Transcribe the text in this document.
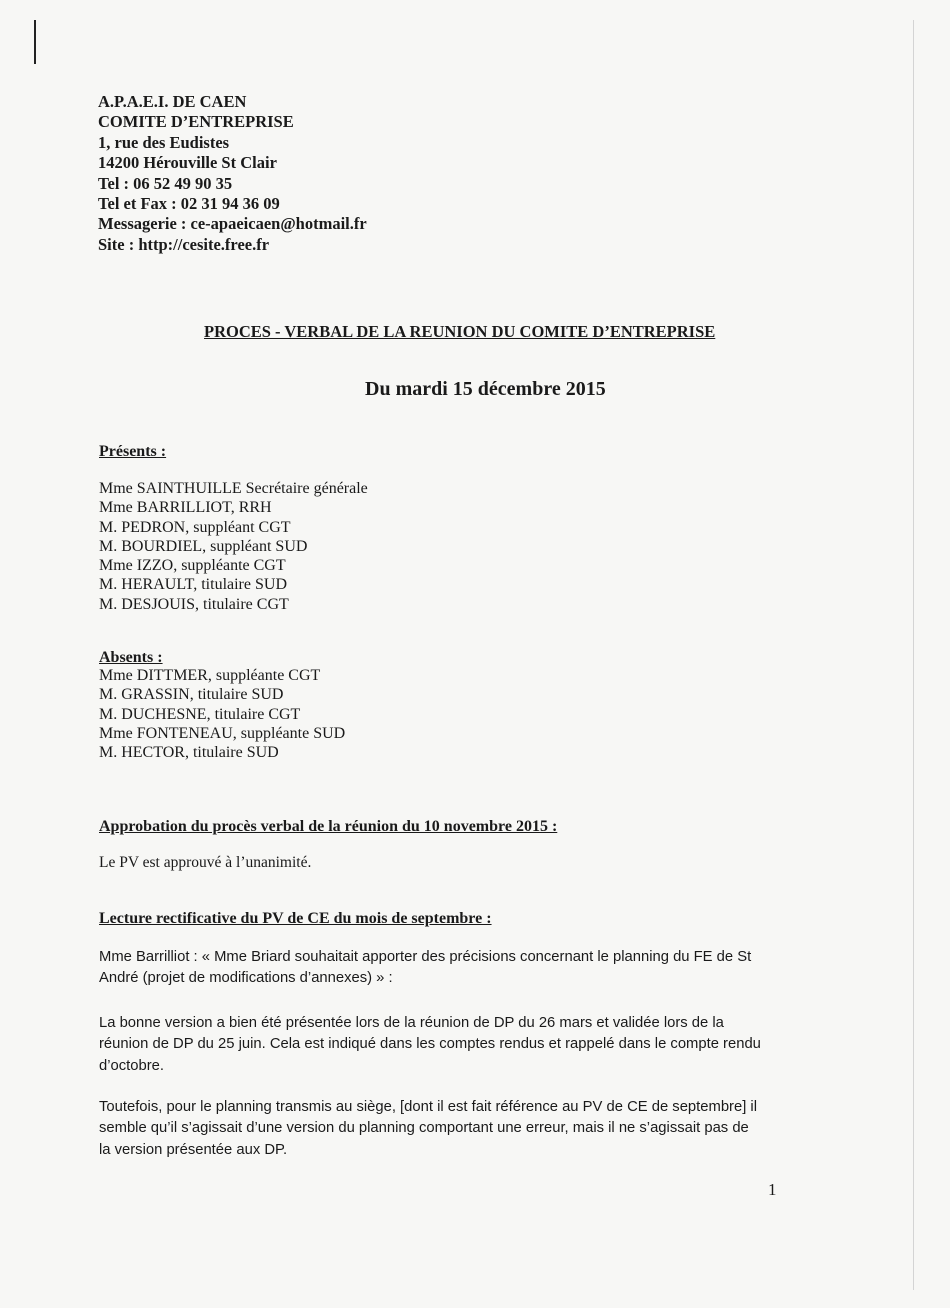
A.P.A.E.I. DE CAEN
COMITE D’ENTREPRISE
1, rue des Eudistes
14200 Hérouville St Clair
Tel : 06 52 49 90 35
Tel et Fax : 02 31 94 36 09
Messagerie : ce-apaeicaen@hotmail.fr
Site : http://cesite.free.fr
PROCES - VERBAL DE LA REUNION DU COMITE D’ENTREPRISE
Du mardi 15 décembre 2015
Présents :
Mme SAINTHUILLE Secrétaire générale
Mme BARRILLIOT, RRH
M. PEDRON, suppléant CGT
M. BOURDIEL, suppléant SUD
Mme IZZO, suppléante CGT
M. HERAULT, titulaire SUD
M. DESJOUIS, titulaire CGT
Absents :
Mme DITTMER, suppléante CGT
M. GRASSIN, titulaire SUD
M. DUCHESNE, titulaire CGT
Mme FONTENEAU, suppléante SUD
M. HECTOR, titulaire SUD
Approbation du procès verbal de la réunion du 10 novembre 2015 :
Le PV est approuvé à l’unanimité.
Lecture rectificative du PV de CE du mois de septembre :
Mme Barrilliot : « Mme Briard souhaitait apporter des précisions concernant le planning du FE de St
André (projet de modifications d’annexes) » :
La bonne version a bien été présentée lors de la réunion de DP du 26 mars et validée lors de la
réunion de DP du 25 juin. Cela est indiqué dans les comptes rendus et rappelé dans le compte rendu
d’octobre.
Toutefois, pour le planning transmis au siège, [dont il est fait référence au PV de CE de septembre] il
semble qu’il s’agissait d’une version du planning comportant une erreur, mais il ne s’agissait pas de
la version présentée aux DP.
1
